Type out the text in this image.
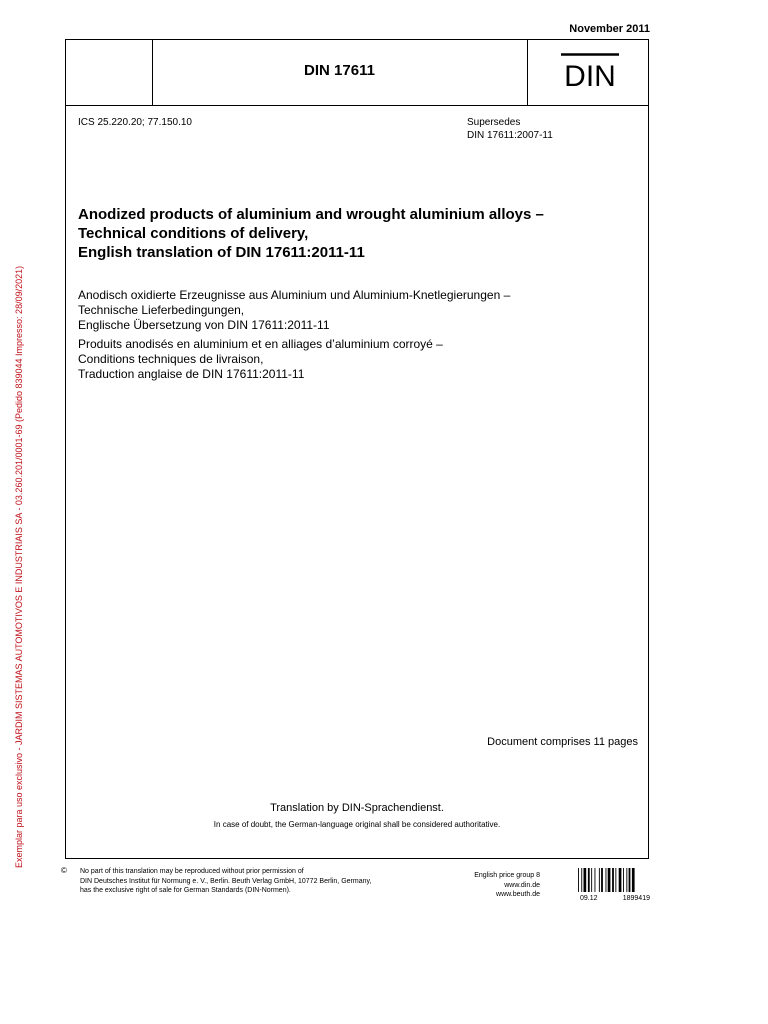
November 2011
DIN 17611	DIN
ICS 25.220.20; 77.150.10	Supersedes
DIN 17611:2007-11
Anodized products of aluminium and wrought aluminium alloys –
Technical conditions of delivery,
English translation of DIN 17611:2011-11
Anodisch oxidierte Erzeugnisse aus Aluminium und Aluminium-Knetlegierungen –
Technische Lieferbedingungen,
Englische Übersetzung von DIN 17611:2011-11
Produits anodisés en aluminium et en alliages d’aluminium corroyé –
Conditions techniques de livraison,
Traduction anglaise de DIN 17611:2011-11
Document comprises 11 pages
Translation by DIN-Sprachendienst.
In case of doubt, the German-language original shall be considered authoritative.
© No part of this translation may be reproduced without prior permission of
DIN Deutsches Institut für Normung e. V., Berlin. Beuth Verlag GmbH, 10772 Berlin, Germany,
has the exclusive right of sale for German Standards (DIN-Normen).
English price group 8
www.din.de
www.beuth.de
09.12	1899419
Exemplar para uso exclusivo - JARDIM SISTEMAS AUTOMOTIVOS E INDUSTRIAIS SA - 03.260.201/0001-69 (Pedido 839044 Impresso: 28/09/2021)
